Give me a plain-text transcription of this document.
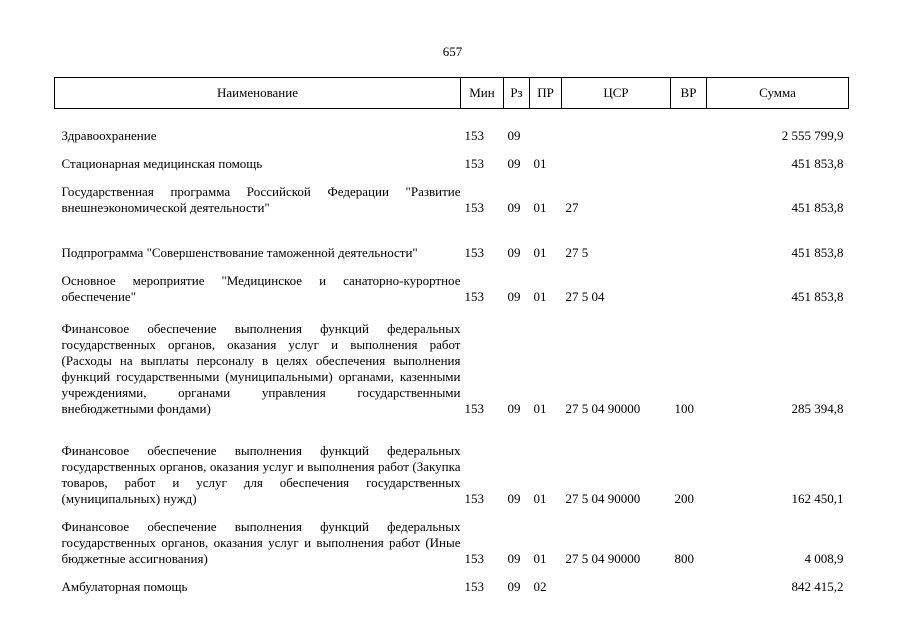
657
Наименование	Мин	Рз	ПР	ЦСР	ВР	Сумма
Здравоохранение	153	09				2 555 799,9
Стационарная медицинская помощь	153	09	01			451 853,8
Государственная программа Российской Федерации "Развитие внешнеэкономической деятельности"	153	09	01	27		451 853,8
Подпрограмма "Совершенствование таможенной деятельности"	153	09	01	27 5		451 853,8
Основное мероприятие "Медицинское и санаторно-курортное обеспечение"	153	09	01	27 5 04		451 853,8
Финансовое обеспечение выполнения функций федеральных государственных органов, оказания услуг и выполнения работ (Расходы на выплаты персоналу в целях обеспечения выполнения функций государственными (муниципальными) органами, казенными учреждениями, органами управления государственными внебюджетными фондами)	153	09	01	27 5 04 90000	100	285 394,8
Финансовое обеспечение выполнения функций федеральных государственных органов, оказания услуг и выполнения работ (Закупка товаров, работ и услуг для обеспечения государственных (муниципальных) нужд)	153	09	01	27 5 04 90000	200	162 450,1
Финансовое обеспечение выполнения функций федеральных государственных органов, оказания услуг и выполнения работ (Иные бюджетные ассигнования)	153	09	01	27 5 04 90000	800	4 008,9
Амбулаторная помощь	153	09	02			842 415,2
